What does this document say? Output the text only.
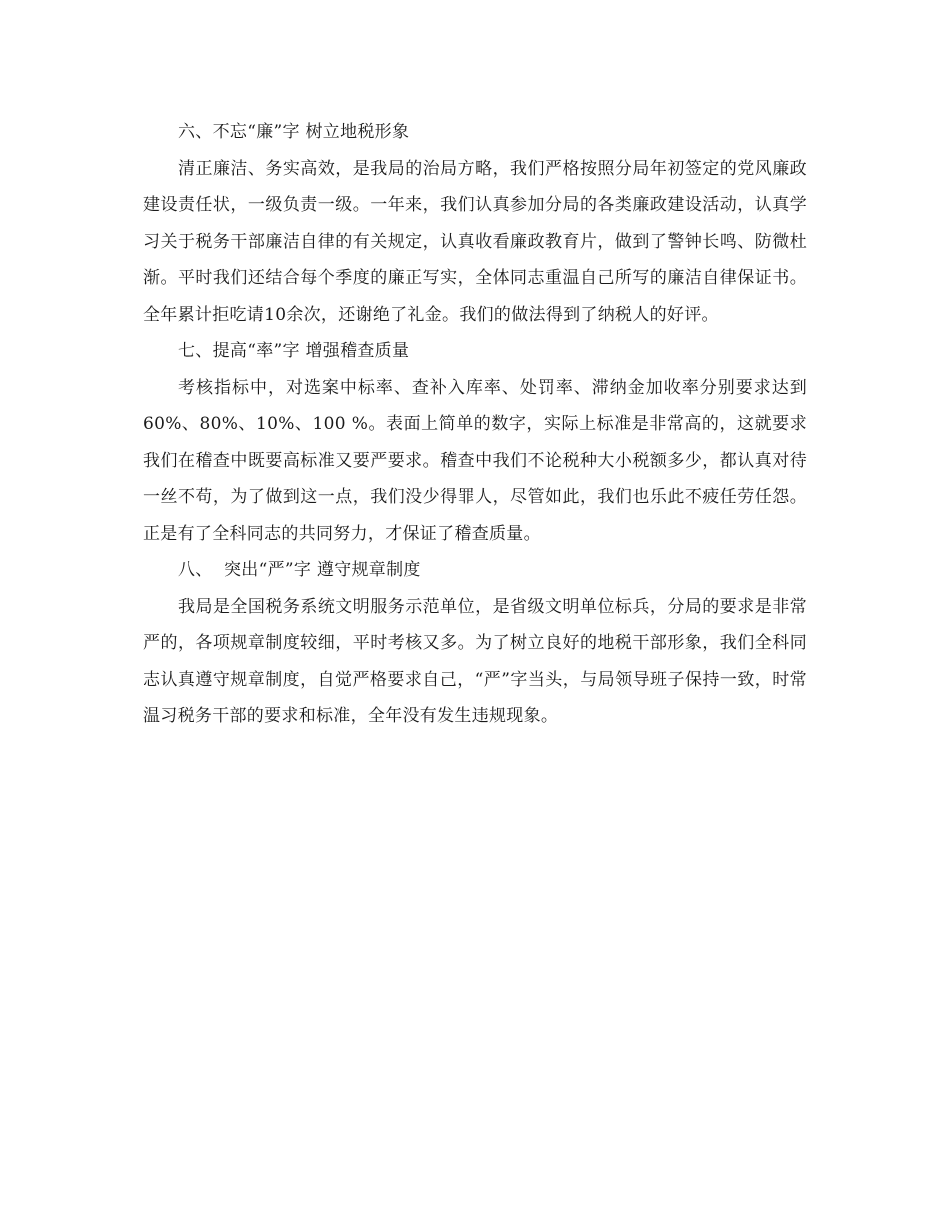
六、不忘“廉”字 树立地税形象

清正廉洁、务实高效，是我局的治局方略，我们严格按照分局年初签定的党风廉政建设责任状，一级负责一级。一年来，我们认真参加分局的各类廉政建设活动，认真学习关于税务干部廉洁自律的有关规定，认真收看廉政教育片，做到了警钟长鸣、防微杜渐。平时我们还结合每个季度的廉正写实，全体同志重温自己所写的廉洁自律保证书。全年累计拒吃请10余次，还谢绝了礼金。我们的做法得到了纳税人的好评。

七、提高“率”字 增强稽查质量

考核指标中，对选案中标率、查补入库率、处罚率、滞纳金加收率分别要求达到60%、80%、10%、100 %。表面上简单的数字，实际上标准是非常高的，这就要求我们在稽查中既要高标准又要严要求。稽查中我们不论税种大小税额多少，都认真对待一丝不苟，为了做到这一点，我们没少得罪人，尽管如此，我们也乐此不疲任劳任怨。正是有了全科同志的共同努力，才保证了稽查质量。

八、  突出“严”字 遵守规章制度

我局是全国税务系统文明服务示范单位，是省级文明单位标兵，分局的要求是非常严的，各项规章制度较细，平时考核又多。为了树立良好的地税干部形象，我们全科同志认真遵守规章制度，自觉严格要求自己，“严”字当头，与局领导班子保持一致，时常温习税务干部的要求和标准，全年没有发生违规现象。
